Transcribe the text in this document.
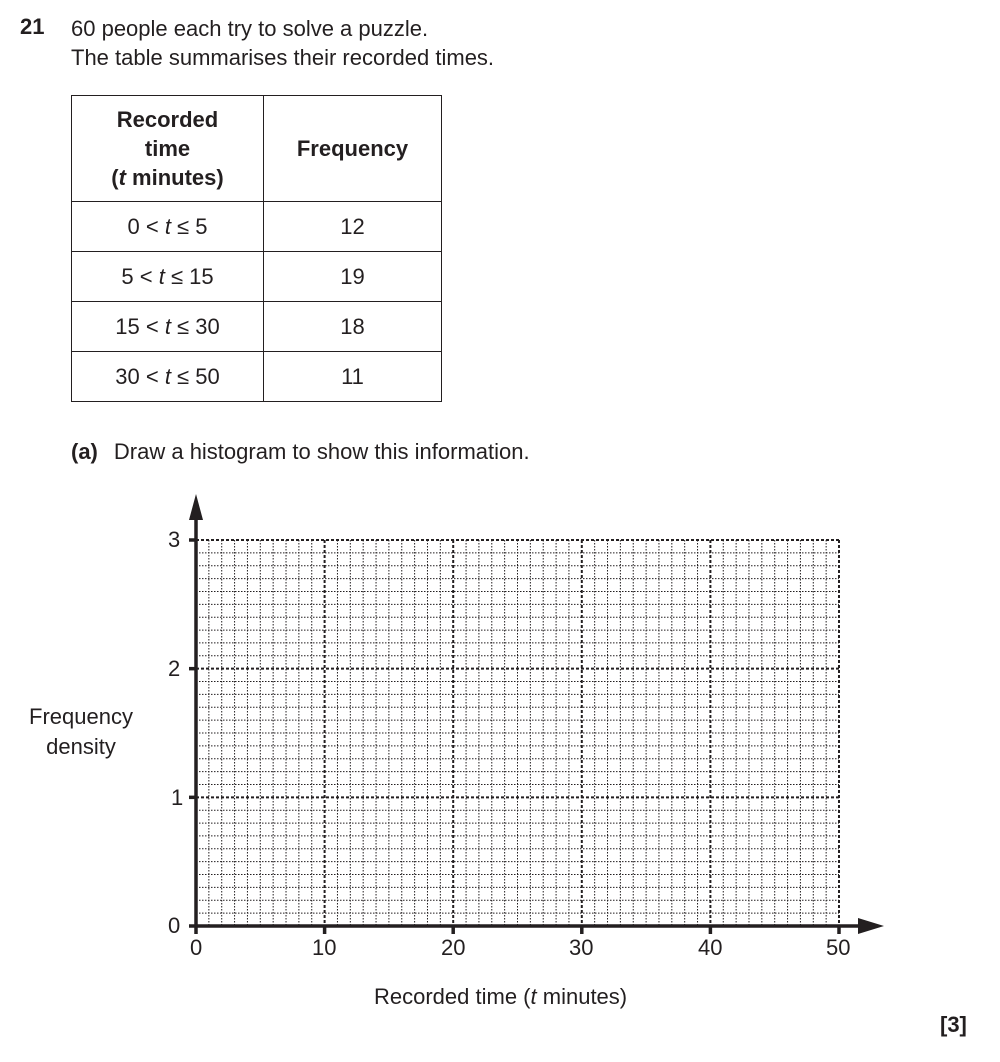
21 60 people each try to solve a puzzle.
The table summarises their recorded times.
Recorded
time
(t minutes)	Frequency
0 < t ≤ 5	12
5 < t ≤ 15	19
15 < t ≤ 30	18
30 < t ≤ 50	11
(a) Draw a histogram to show this information.
Frequency
density
3
2
1
0
0	10	20	30	40	50
Recorded time (t minutes)
[3]
